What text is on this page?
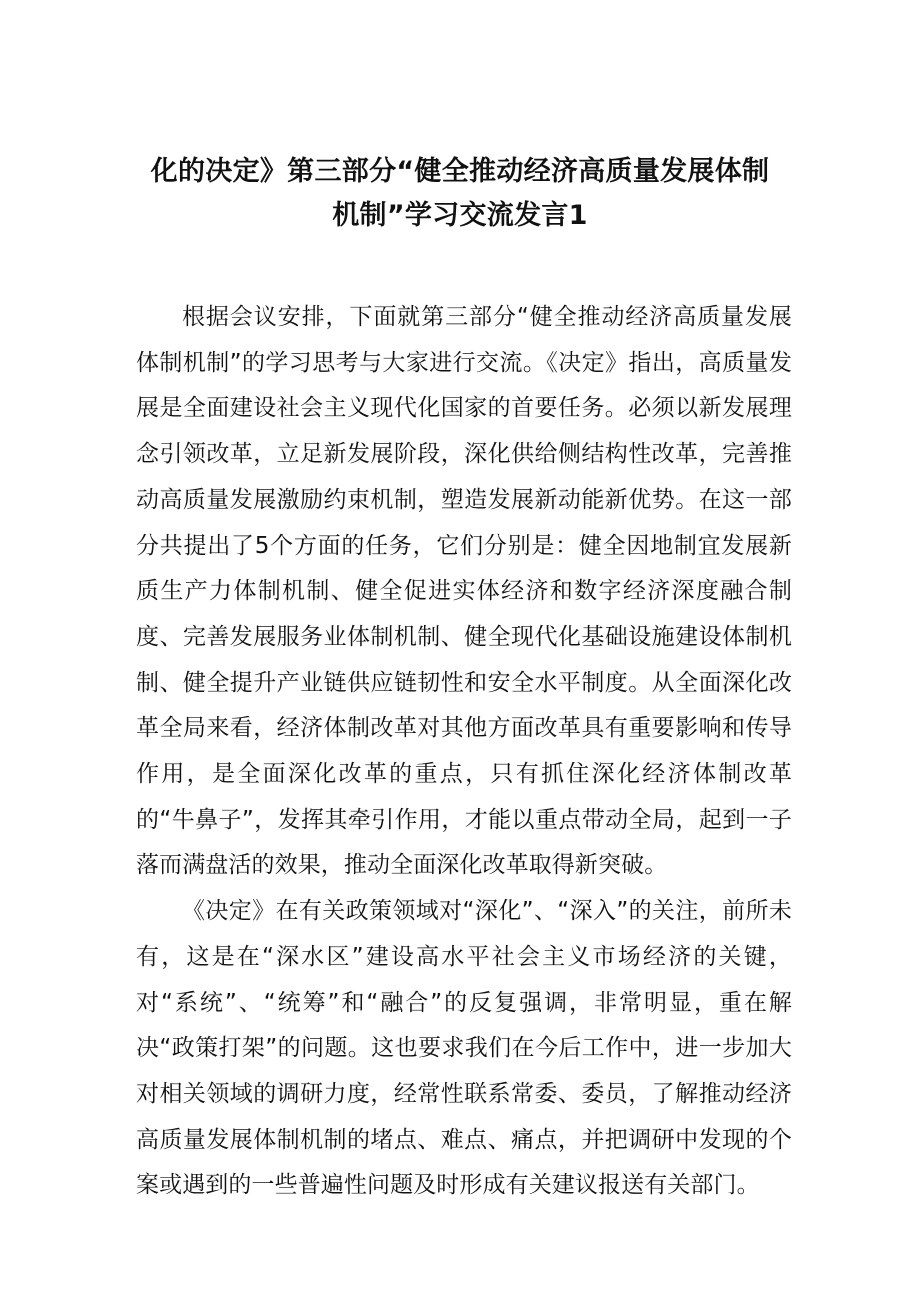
化的决定》第三部分“健全推动经济高质量发展体制
机制”学习交流发言1

根据会议安排，下面就第三部分“健全推动经济高质量发展体制机制”的学习思考与大家进行交流。《决定》指出，高质量发展是全面建设社会主义现代化国家的首要任务。必须以新发展理念引领改革，立足新发展阶段，深化供给侧结构性改革，完善推动高质量发展激励约束机制，塑造发展新动能新优势。在这一部分共提出了5个方面的任务，它们分别是：健全因地制宜发展新质生产力体制机制、健全促进实体经济和数字经济深度融合制度、完善发展服务业体制机制、健全现代化基础设施建设体制机制、健全提升产业链供应链韧性和安全水平制度。从全面深化改革全局来看，经济体制改革对其他方面改革具有重要影响和传导作用，是全面深化改革的重点，只有抓住深化经济体制改革的“牛鼻子”，发挥其牵引作用，才能以重点带动全局，起到一子落而满盘活的效果，推动全面深化改革取得新突破。

《决定》在有关政策领域对“深化”、“深入”的关注，前所未有，这是在“深水区”建设高水平社会主义市场经济的关键，对“系统”、“统筹”和“融合”的反复强调，非常明显，重在解决“政策打架”的问题。这也要求我们在今后工作中，进一步加大对相关领域的调研力度，经常性联系常委、委员，了解推动经济高质量发展体制机制的堵点、难点、痛点，并把调研中发现的个案或遇到的一些普遍性问题及时形成有关建议报送有关部门。
